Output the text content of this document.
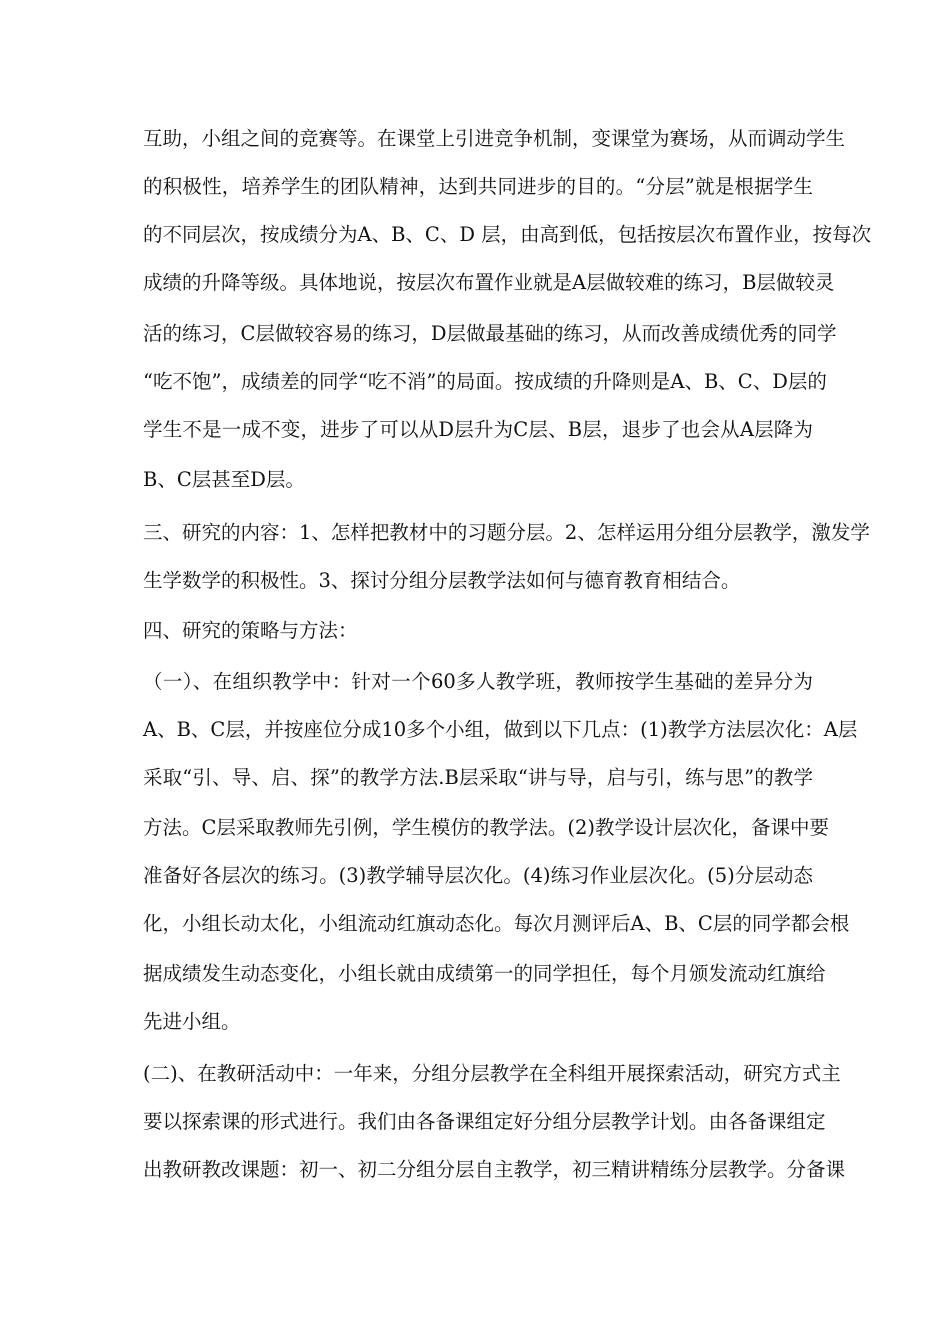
互助，小组之间的竞赛等。在课堂上引进竞争机制，变课堂为赛场，从而调动学生
的积极性，培养学生的团队精神，达到共同进步的目的。“分层”就是根据学生
的不同层次，按成绩分为A、B、C、D 层，由高到低，包括按层次布置作业，按每次
成绩的升降等级。具体地说，按层次布置作业就是A层做较难的练习，B层做较灵
活的练习，C层做较容易的练习，D层做最基础的练习，从而改善成绩优秀的同学
“吃不饱”，成绩差的同学“吃不消”的局面。按成绩的升降则是A、B、C、D层的
学生不是一成不变，进步了可以从D层升为C层、B层，退步了也会从A层降为
B、C层甚至D层。
三、研究的内容：1、怎样把教材中的习题分层。2、怎样运用分组分层教学，激发学
生学数学的积极性。3、探讨分组分层教学法如何与德育教育相结合。
四、研究的策略与方法：
（一）、在组织教学中：针对一个60多人教学班，教师按学生基础的差异分为
A、B、C层，并按座位分成10多个小组，做到以下几点：(1)教学方法层次化：A层
采取“引、导、启、探”的教学方法.B层采取“讲与导，启与引，练与思”的教学
方法。C层采取教师先引例，学生模仿的教学法。(2)教学设计层次化，备课中要
准备好各层次的练习。(3)教学辅导层次化。(4)练习作业层次化。(5)分层动态
化，小组长动太化，小组流动红旗动态化。每次月测评后A、B、C层的同学都会根
据成绩发生动态变化，小组长就由成绩第一的同学担任，每个月颁发流动红旗给
先进小组。
(二)、在教研活动中：一年来，分组分层教学在全科组开展探索活动，研究方式主
要以探索课的形式进行。我们由各备课组定好分组分层教学计划。由各备课组定
出教研教改课题：初一、初二分组分层自主教学，初三精讲精练分层教学。分备课
